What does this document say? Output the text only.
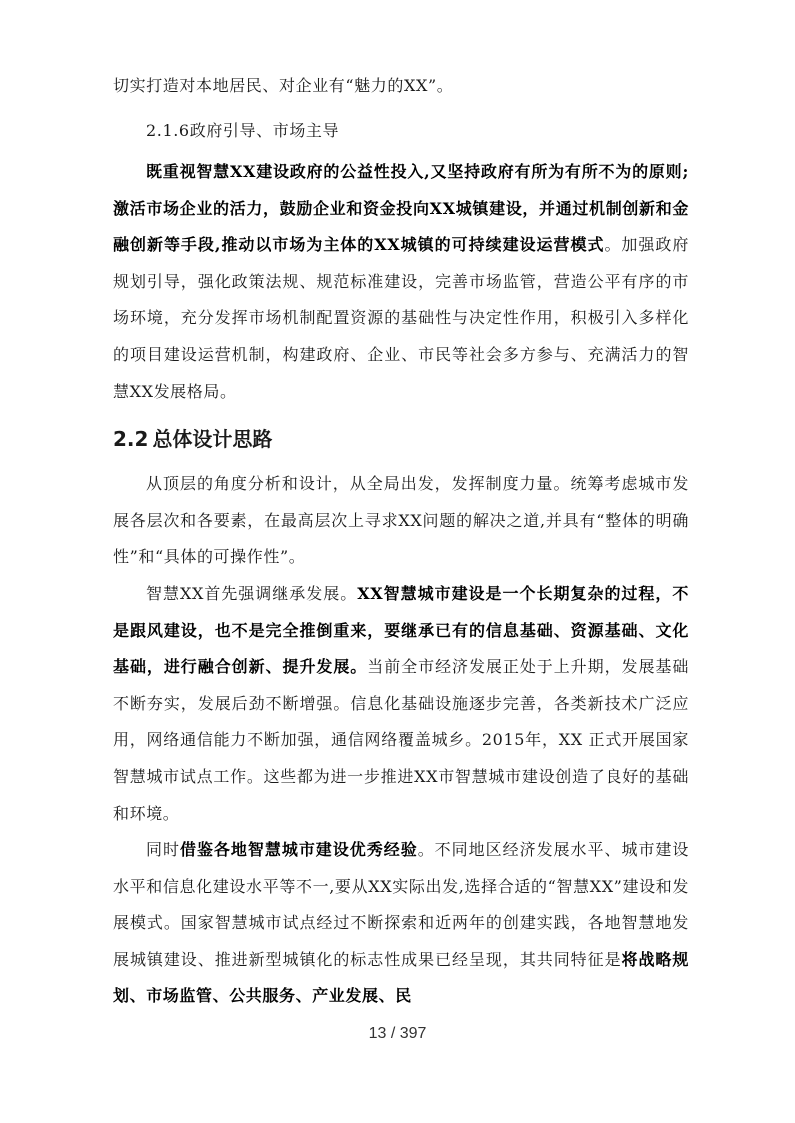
切实打造对本地居民、对企业有“魅力的XX”。

2.1.6政府引导、市场主导

既重视智慧XX建设政府的公益性投入,又坚持政府有所为有所不为的原则;激活市场企业的活力，鼓励企业和资金投向XX城镇建设，并通过机制创新和金融创新等手段,推动以市场为主体的XX城镇的可持续建设运营模式。加强政府规划引导，强化政策法规、规范标准建设，完善市场监管，营造公平有序的市场环境，充分发挥市场机制配置资源的基础性与决定性作用，积极引入多样化的项目建设运营机制，构建政府、企业、市民等社会多方参与、充满活力的智慧XX发展格局。

2.2 总体设计思路

从顶层的角度分析和设计，从全局出发，发挥制度力量。统筹考虑城市发展各层次和各要素，在最高层次上寻求XX问题的解决之道,并具有“整体的明确性”和“具体的可操作性”。

智慧XX首先强调继承发展。XX智慧城市建设是一个长期复杂的过程，不是跟风建设，也不是完全推倒重来，要继承已有的信息基础、资源基础、文化基础，进行融合创新、提升发展。当前全市经济发展正处于上升期，发展基础不断夯实，发展后劲不断增强。信息化基础设施逐步完善，各类新技术广泛应用，网络通信能力不断加强，通信网络覆盖城乡。2015年，XX 正式开展国家智慧城市试点工作。这些都为进一步推进XX市智慧城市建设创造了良好的基础和环境。

同时借鉴各地智慧城市建设优秀经验。不同地区经济发展水平、城市建设水平和信息化建设水平等不一,要从XX实际出发,选择合适的“智慧XX”建设和发展模式。国家智慧城市试点经过不断探索和近两年的创建实践，各地智慧地发展城镇建设、推进新型城镇化的标志性成果已经呈现，其共同特征是将战略规划、市场监管、公共服务、产业发展、民

13 / 397
